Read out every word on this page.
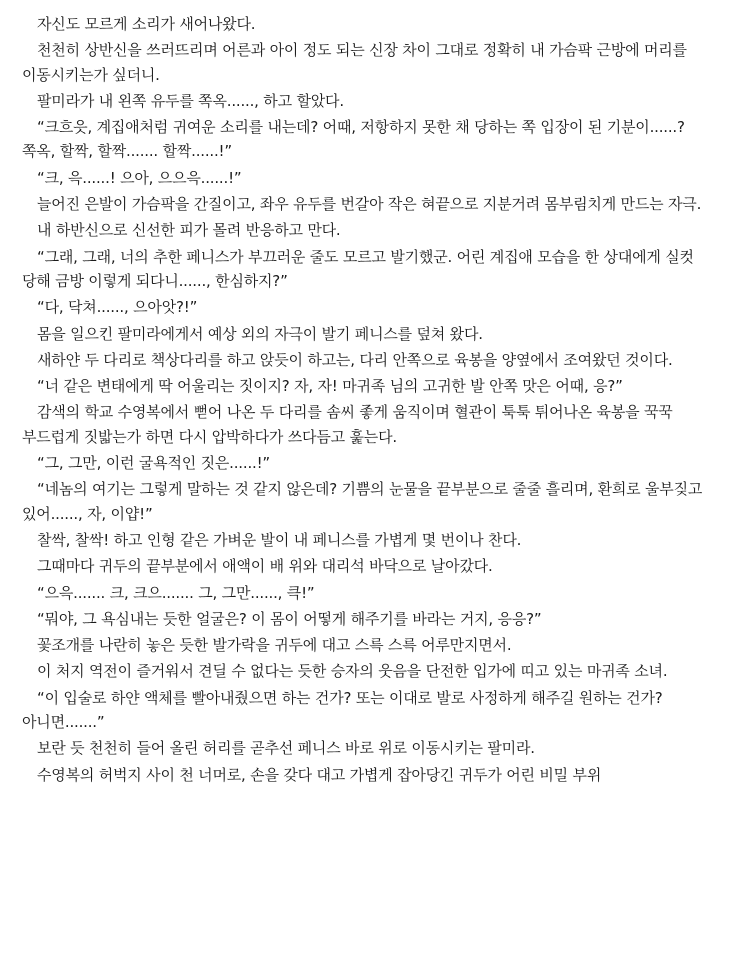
자신도 모르게 소리가 새어나왔다.

천천히 상반신을 쓰러뜨리며 어른과 아이 정도 되는 신장 차이 그대로 정확히 내 가슴팍 근방에 머리를 이동시키는가 싶더니.

팔미라가 내 왼쪽 유두를 쪽옥......, 하고 할았다.

“크흐읏, 계집애처럼 귀여운 소리를 내는데? 어때, 저항하지 못한 채 당하는 쪽 입장이 된 기분이......? 쪽옥, 할짝, 할짝....... 할짝......!”

“크, 윽......! 으아, 으으윽......!”

늘어진 은발이 가슴팍을 간질이고, 좌우 유두를 번갈아 작은 혀끝으로 지분거려 몸부림치게 만드는 자극.

내 하반신으로 신선한 피가 몰려 반응하고 만다.

“그래, 그래, 너의 추한 페니스가 부끄러운 줄도 모르고 발기했군. 어린 계집애 모습을 한 상대에게 실컷 당해 금방 이렇게 되다니......, 한심하지?”

“다, 닥쳐......, 으아앗?!”

몸을 일으킨 팔미라에게서 예상 외의 자극이 발기 페니스를 덮쳐 왔다.

새하얀 두 다리로 책상다리를 하고 앉듯이 하고는, 다리 안쪽으로 육봉을 양옆에서 조여왔던 것이다.

“너 같은 변태에게 딱 어울리는 짓이지? 자, 자! 마귀족 님의 고귀한 발 안쪽 맛은 어때, 응?”

감색의 학교 수영복에서 뻗어 나온 두 다리를 솜씨 좋게 움직이며 혈관이 툭툭 튀어나온 육봉을 꾹꾹 부드럽게 짓밟는가 하면 다시 압박하다가 쓰다듬고 훑는다.

“그, 그만, 이런 굴욕적인 짓은......!”

“네놈의 여기는 그렇게 말하는 것 같지 않은데? 기쁨의 눈물을 끝부분으로 줄줄 흘리며, 환희로 울부짖고 있어......, 자, 이얍!”

찰싹, 찰싹! 하고 인형 같은 가벼운 발이 내 페니스를 가볍게 몇 번이나 찬다.

그때마다 귀두의 끝부분에서 애액이 배 위와 대리석 바닥으로 날아갔다.

“으윽....... 크, 크으....... 그, 그만......, 큭!”

“뭐야, 그 욕심내는 듯한 얼굴은? 이 몸이 어떻게 해주기를 바라는 거지, 응응?”

꽃조개를 나란히 놓은 듯한 발가락을 귀두에 대고 스륵 스륵 어루만지면서.

이 처지 역전이 즐거워서 견딜 수 없다는 듯한 승자의 웃음을 단전한 입가에 띠고 있는 마귀족 소녀.

“이 입술로 하얀 액체를 빨아내줬으면 하는 건가? 또는 이대로 발로 사정하게 해주길 원하는 건가? 아니면.......”

보란 듯 천천히 들어 올린 허리를 곧추선 페니스 바로 위로 이동시키는 팔미라.

수영복의 허벅지 사이 천 너머로, 손을 갖다 대고 가볍게 잡아당긴 귀두가 어린 비밀 부위
